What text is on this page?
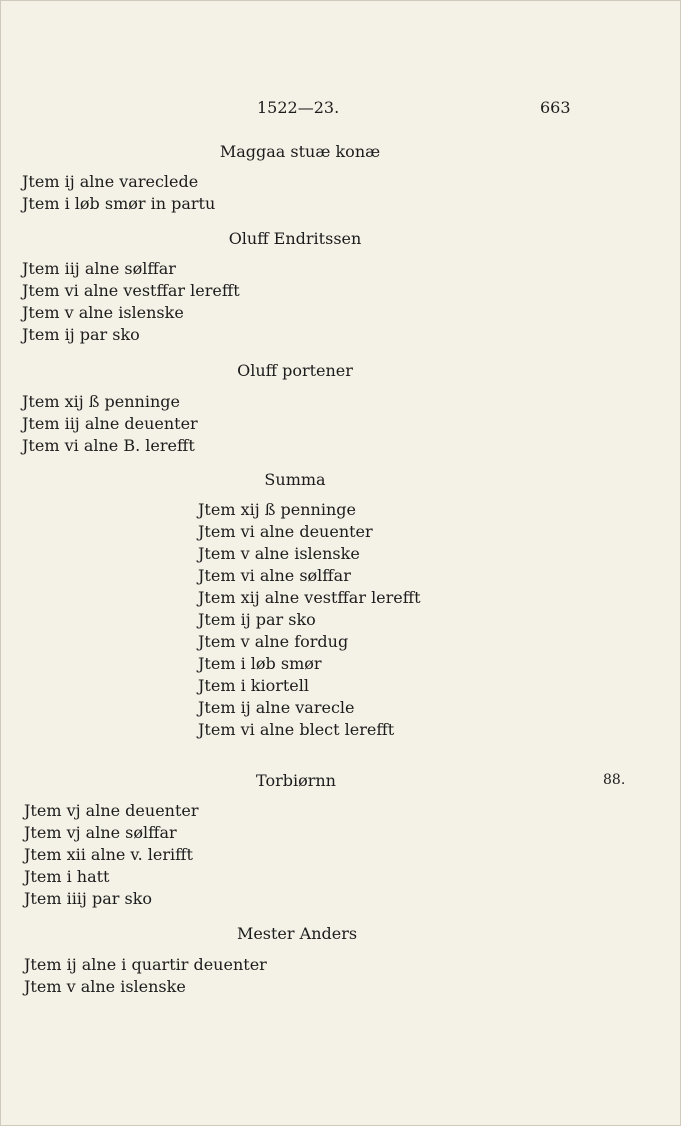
1522—23.	663
Maggaa stuæ konæ
Jtem ij alne vareclede
Jtem i løb smør in partu
Oluff Endritssen
Jtem iij alne sølffar
Jtem vi alne vestffar lerefft
Jtem v alne islenske
Jtem ij par sko
Oluff portener
Jtem xij ß penninge
Jtem iij alne deuenter
Jtem vi alne B. lerefft
Summa
Jtem xij ß penninge
Jtem vi alne deuenter
Jtem v alne islenske
Jtem vi alne sølffar
Jtem xij alne vestffar lerefft
Jtem ij par sko
Jtem v alne fordug
Jtem i løb smør
Jtem i kiortell
Jtem ij alne varecle
Jtem vi alne blect lerefft
Torbiørnn	88.
Jtem vj alne deuenter
Jtem vj alne sølffar
Jtem xii alne v. lerifft
Jtem i hatt
Jtem iiij par sko
Mester Anders
Jtem ij alne i quartir deuenter
Jtem v alne islenske
